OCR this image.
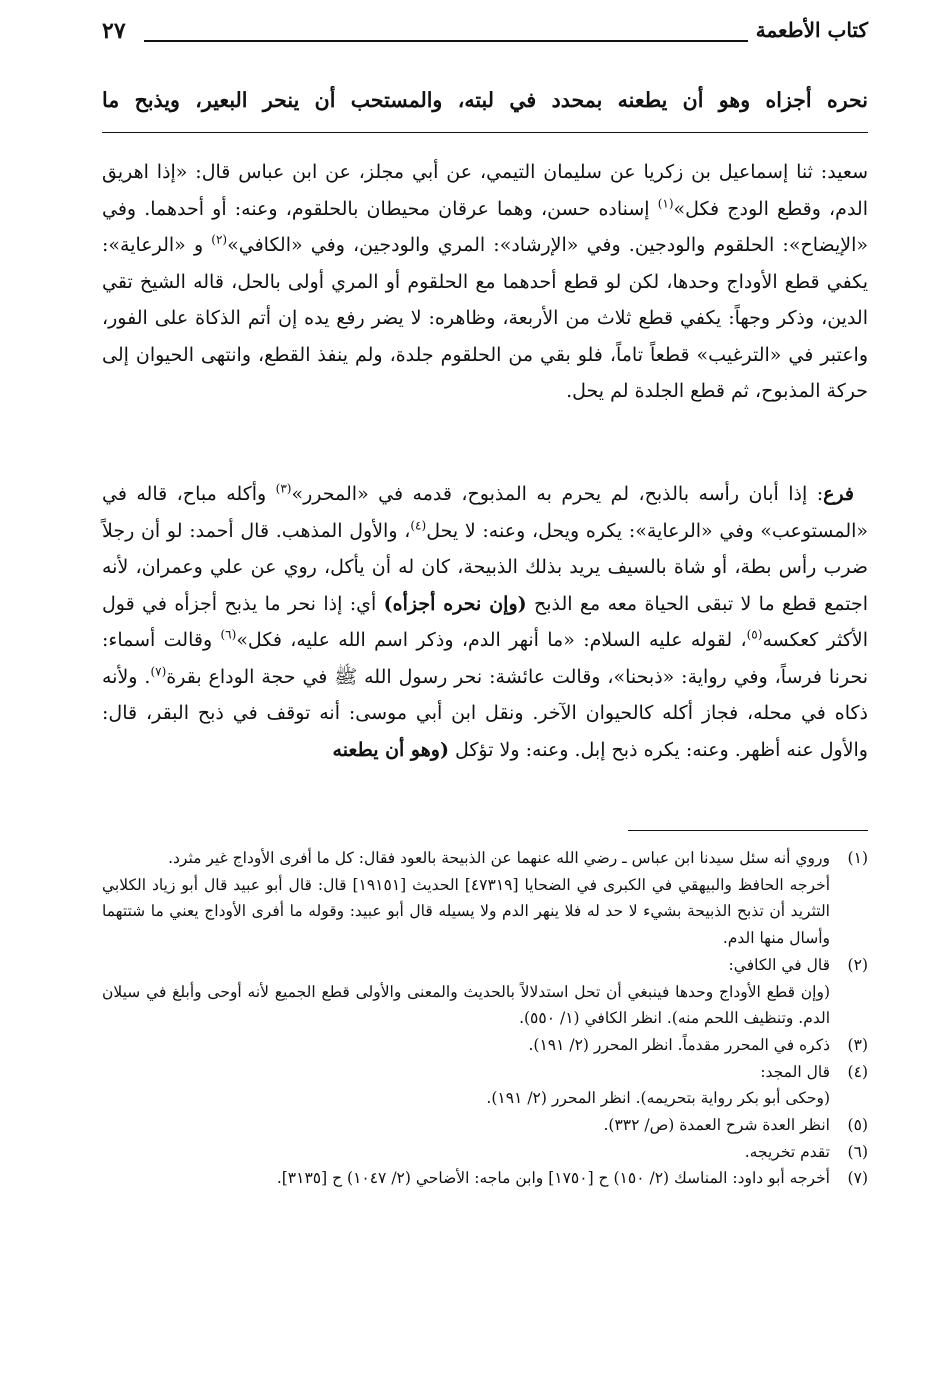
كتاب الأطعمة
٢٧
نحره أجزاه وهو أن يطعنه بمحدد في لبته، والمستحب أن ينحر البعير، ويذبح ما

سعيد: ثنا إسماعيل بن زكريا عن سليمان التيمي، عن أبي مجلز، عن ابن عباس قال: «إذا اهريق الدم، وقطع الودج فكل»$^{(١)}$ إسناده حسن، وهما عرقان محيطان بالحلقوم، وعنه: أو أحدهما. وفي «الإيضاح»: الحلقوم والودجين. وفي «الإرشاد»: المري والودجين، وفي «الكافي»$^{(٢)}$ و «الرعاية»: يكفي قطع الأوداج وحدها، لكن لو قطع أحدهما مع الحلقوم أو المري أولى بالحل، قاله الشيخ تقي الدين، وذكر وجهاً: يكفي قطع ثلاث من الأربعة، وظاهره: لا يضر رفع يده إن أتم الذكاة على الفور، واعتبر في «الترغيب» قطعاً تاماً، فلو بقي من الحلقوم جلدة، ولم ينفذ القطع، وانتهى الحيوان إلى حركة المذبوح، ثم قطع الجلدة لم يحل.

فرع: إذا أبان رأسه بالذبح، لم يحرم به المذبوح، قدمه في «المحرر»$^{(٣)}$ وأكله مباح، قاله في «المستوعب» وفي «الرعاية»: يكره ويحل، وعنه: لا يحل$^{(٤)}$، والأول المذهب. قال أحمد: لو أن رجلاً ضرب رأس بطة، أو شاة بالسيف يريد بذلك الذبيحة، كان له أن يأكل، روي عن علي وعمران، لأنه اجتمع قطع ما لا تبقى الحياة معه مع الذبح (وإن نحره أجزأه) أي: إذا نحر ما يذبح أجزأه في قول الأكثر كعكسه$^{(٥)}$، لقوله عليه السلام: «ما أنهر الدم، وذكر اسم الله عليه، فكل»$^{(٦)}$ وقالت أسماء: نحرنا فرساً، وفي رواية: «ذبحنا»، وقالت عائشة: نحر رسول الله ﷺ في حجة الوداع بقرة$^{(٧)}$. ولأنه ذكاه في محله، فجاز أكله كالحيوان الآخر. ونقل ابن أبي موسى: أنه توقف في ذبح البقر، قال: والأول عنه أظهر. وعنه: يكره ذبح إبل. وعنه: ولا تؤكل (وهو أن يطعنه

(١)
وروي أنه سئل سيدنا ابن عباس ـ رضي الله عنهما عن الذبيحة بالعود فقال: كل ما أفرى الأوداج غير مثرد.
أخرجه الحافظ والبيهقي في الكبرى في الضحايا [٤٧٣١٩] الحديث [١٩١٥١] قال: قال أبو عبيد قال أبو زياد الكلابي التثريد أن تذبح الذبيحة بشيء لا حد له فلا ينهر الدم ولا يسيله قال أبو عبيد: وقوله ما أفرى الأوداج يعني ما شتتهما وأسال منها الدم.
(٢)
قال في الكافي:
(وإن قطع الأوداج وحدها فينبغي أن تحل استدلالاً بالحديث والمعنى والأولى قطع الجميع لأنه أوحى وأبلغ في سيلان الدم. وتنظيف اللحم منه). انظر الكافي (١/ ٥٥٠).
(٣)
ذكره في المحرر مقدماً. انظر المحرر (٢/ ١٩١).
(٤)
قال المجد:
(وحكى أبو بكر رواية بتحريمه). انظر المحرر (٢/ ١٩١).
(٥)
انظر العدة شرح العمدة (ص/ ٣٣٢).
(٦)
تقدم تخريجه.
(٧)
أخرجه أبو داود: المناسك (٢/ ١٥٠) ح [١٧٥٠] وابن ماجه: الأضاحي (٢/ ١٠٤٧) ح [٣١٣٥].
